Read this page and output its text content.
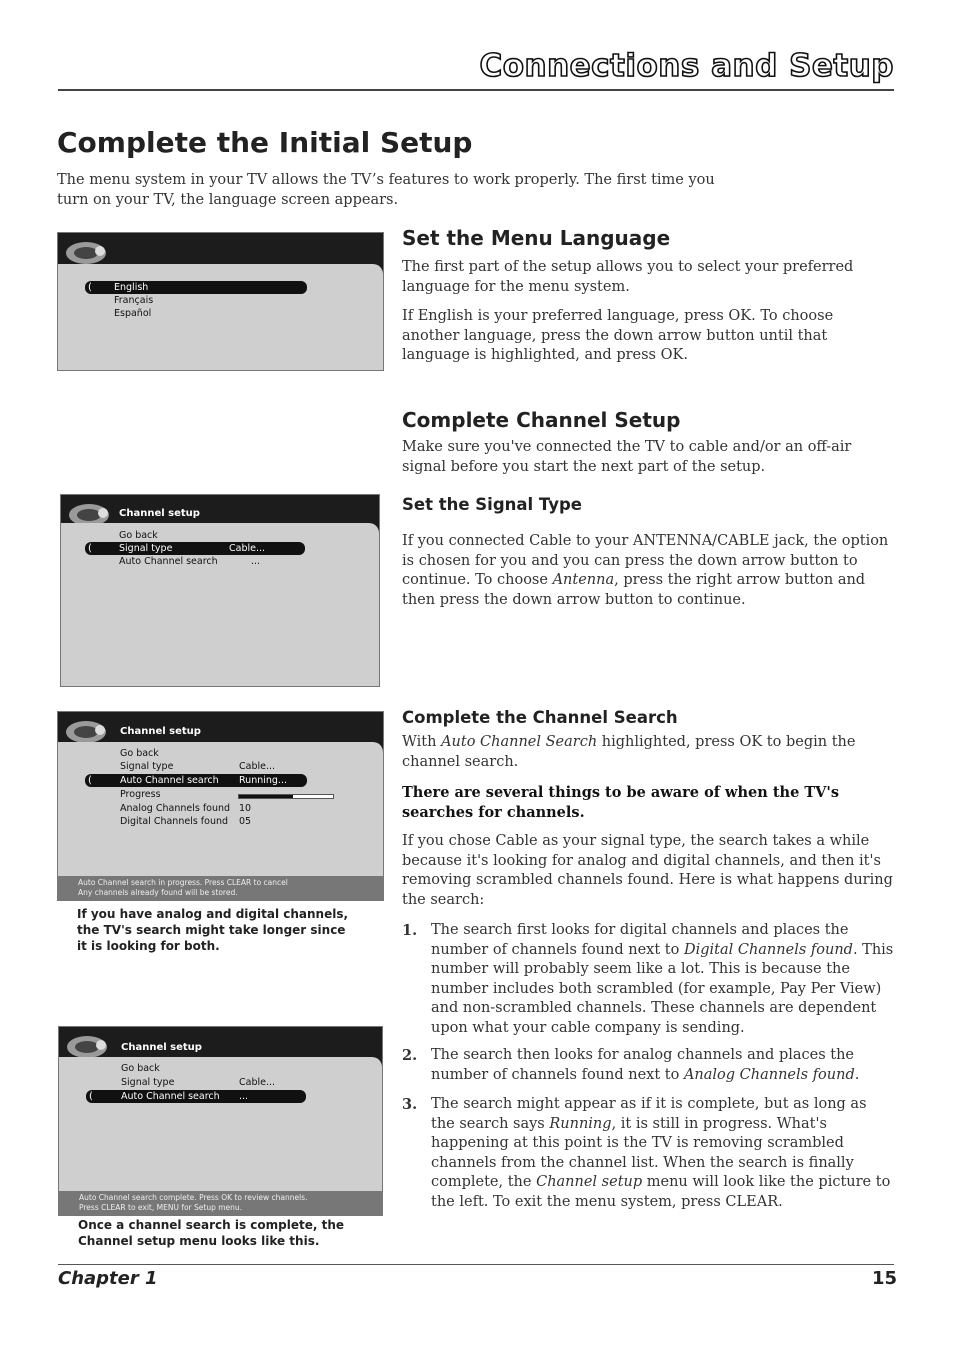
Connections and Setup
Complete the Initial Setup

The menu system in your TV allows the TV’s features to work properly. The first time you turn on your TV, the language screen appears.

( English
Français
Español
Set the Menu Language

The first part of the setup allows you to select your preferred language for the menu system.

If English is your preferred language, press OK. To choose another language, press the down arrow button until that language is highlighted, and press OK.

Complete Channel Setup

Make sure you've connected the TV to cable and/or an off-air signal before you start the next part of the setup.

Channel setup
Go back
(	Signal type	Cable...
Auto Channel search	...
Set the Signal Type

If you connected Cable to your ANTENNA/CABLE jack, the option is chosen for you and you can press the down arrow button to continue. To choose Antenna, press the right arrow button and then press the down arrow button to continue.

Channel setup
Go back
Signal type	Cable...
(	Auto Channel search Running...
Progress
Analog Channels found 10
Digital Channels found 05
Auto Channel search in progress. Press CLEAR to cancel
Any channels already found will be stored.
If you have analog and digital channels, the TV's search might take longer since it is looking for both.
Complete the Channel Search

With Auto Channel Search highlighted, press OK to begin the channel search.

There are several things to be aware of when the TV's searches for channels.

If you chose Cable as your signal type, the search takes a while because it's looking for analog and digital channels, and then it's removing scrambled channels found. Here is what happens during the search:

1. The search first looks for digital channels and places the number of channels found next to Digital Channels found. This number will probably seem like a lot. This is because the number includes both scrambled (for example, Pay Per View) and non-scrambled channels. These channels are dependent upon what your cable company is sending.
2. The search then looks for analog channels and places the number of channels found next to Analog Channels found.
3. The search might appear as if it is complete, but as long as the search says Running, it is still in progress. What's happening at this point is the TV is removing scrambled channels from the channel list. When the search is finally complete, the Channel setup menu will look like the picture to the left. To exit the menu system, press CLEAR.
Channel setup
Go back
Signal type	Cable...
(	Auto Channel search ...
Auto Channel search complete. Press OK to review channels.
Press CLEAR to exit, MENU for Setup menu.
Once a channel search is complete, the Channel setup menu looks like this.
Chapter 1	15
